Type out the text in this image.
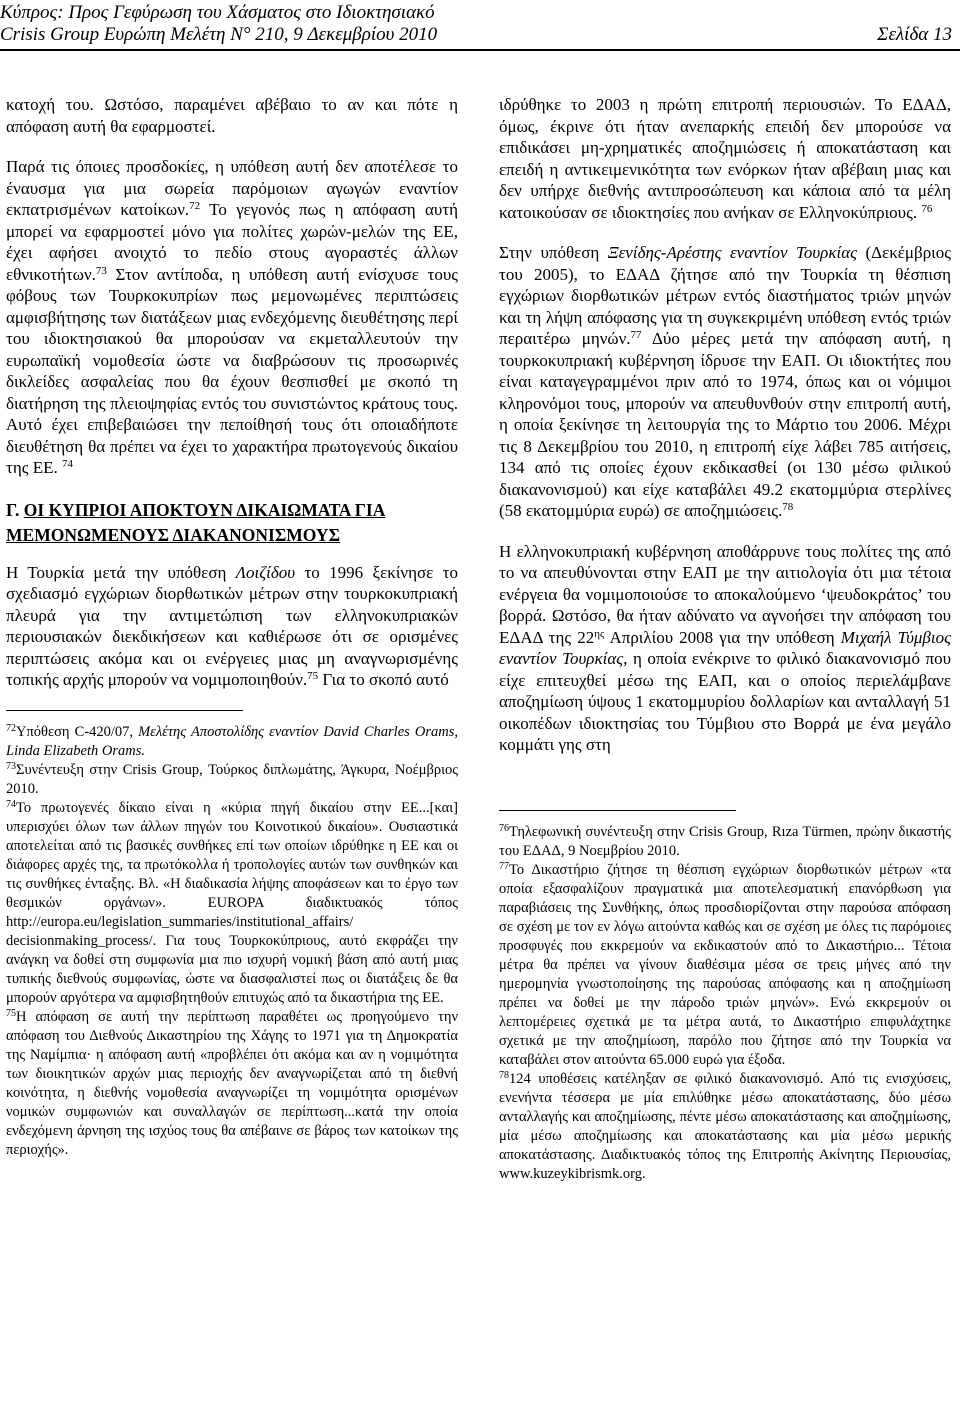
Κύπρος: Προς Γεφύρωση του Χάσματος στο Ιδιοκτησιακό
Crisis Group Ευρώπη Μελέτη N° 210, 9 Δεκεμβρίου 2010	Σελίδα 13

κατοχή του. Ωστόσο, παραμένει αβέβαιο το αν και πότε η απόφαση αυτή θα εφαρμοστεί.

Παρά τις όποιες προσδοκίες, η υπόθεση αυτή δεν αποτέλεσε το έναυσμα για μια σωρεία παρόμοιων αγωγών εναντίον εκπατρισμένων κατοίκων.$^{72}$ Το γεγονός πως η απόφαση αυτή μπορεί να εφαρμοστεί μόνο για πολίτες χωρών-μελών της ΕΕ, έχει αφήσει ανοιχτό το πεδίο στους αγοραστές άλλων εθνικοτήτων.$^{73}$ Στον αντίποδα, η υπόθεση αυτή ενίσχυσε τους φόβους των Τουρκοκυπρίων πως μεμονωμένες περιπτώσεις αμφισβήτησης των διατάξεων μιας ενδεχόμενης διευθέτησης περί του ιδιοκτησιακού θα μπορούσαν να εκμεταλλευτούν την ευρωπαϊκή νομοθεσία ώστε να διαβρώσουν τις προσωρινές δικλείδες ασφαλείας που θα έχουν θεσπισθεί με σκοπό τη διατήρηση της πλειοψηφίας εντός του συνιστώντος κράτους τους. Αυτό έχει επιβεβαιώσει την πεποίθησή τους ότι οποιαδήποτε διευθέτηση θα πρέπει να έχει το χαρακτήρα πρωτογενούς δικαίου της ΕΕ. $^{74}$

Γ. ΟΙ ΚΥΠΡΙΟΙ ΑΠΟΚΤΟΥΝ ΔΙΚΑΙΩΜΑΤΑ ΓΙΑ ΜΕΜΟΝΩΜΕΝΟΥΣ ΔΙΑΚΑΝΟΝΙΣΜΟΥΣ

Η Τουρκία μετά την υπόθεση Λοιζίδου το 1996 ξεκίνησε το σχεδιασμό εγχώριων διορθωτικών μέτρων στην τουρκοκυπριακή πλευρά για την αντιμετώπιση των ελληνοκυπριακών περιουσιακών διεκδικήσεων και καθιέρωσε ότι σε ορισμένες περιπτώσεις ακόμα και οι ενέργειες μιας μη αναγνωρισμένης τοπικής αρχής μπορούν να νομιμοποιηθούν.$^{75}$ Για το σκοπό αυτό

$^{72}$Υπόθεση C-420/07, Μελέτης Αποστολίδης εναντίον David Charles Orams, Linda Elizabeth Orams.

$^{73}$Συνέντευξη στην Crisis Group, Τούρκος διπλωμάτης, Άγκυρα, Νοέμβριος 2010.

$^{74}$Το πρωτογενές δίκαιο είναι η «κύρια πηγή δικαίου στην ΕΕ...[και] υπερισχύει όλων των άλλων πηγών του Κοινοτικού δικαίου». Ουσιαστικά αποτελείται από τις βασικές συνθήκες επί των οποίων ιδρύθηκε η ΕΕ και οι διάφορες αρχές της, τα πρωτόκολλα ή τροπολογίες αυτών των συνθηκών και τις συνθήκες ένταξης. Βλ. «Η διαδικασία λήψης αποφάσεων και το έργο των θεσμικών οργάνων». EUROPA διαδικτυακός τόπος http://europa.eu/legislation_summaries/institutional_affairs/ decisionmaking_process/. Για τους Τουρκοκύπριους, αυτό εκφράζει την ανάγκη να δοθεί στη συμφωνία μια πιο ισχυρή νομική βάση από αυτή μιας τυπικής διεθνούς συμφωνίας, ώστε να διασφαλιστεί πως οι διατάξεις δε θα μπορούν αργότερα να αμφισβητηθούν επιτυχώς από τα δικαστήρια της ΕΕ.

$^{75}$Η απόφαση σε αυτή την περίπτωση παραθέτει ως προηγούμενο την απόφαση του Διεθνούς Δικαστηρίου της Χάγης το 1971 για τη Δημοκρατία της Ναμίμπια· η απόφαση αυτή «προβλέπει ότι ακόμα και αν η νομιμότητα των διοικητικών αρχών μιας περιοχής δεν αναγνωρίζεται από τη διεθνή κοινότητα, η διεθνής νομοθεσία αναγνωρίζει τη νομιμότητα ορισμένων νομικών συμφωνιών και συναλλαγών σε περίπτωση...κατά την οποία ενδεχόμενη άρνηση της ισχύος τους θα απέβαινε σε βάρος των κατοίκων της περιοχής».

ιδρύθηκε το 2003 η πρώτη επιτροπή περιουσιών. Το ΕΔΑΔ, όμως, έκρινε ότι ήταν ανεπαρκής επειδή δεν μπορούσε να επιδικάσει μη-χρηματικές αποζημιώσεις ή αποκατάσταση και επειδή η αντικειμενικότητα των ενόρκων ήταν αβέβαιη μιας και δεν υπήρχε διεθνής αντιπροσώπευση και κάποια από τα μέλη κατοικούσαν σε ιδιοκτησίες που ανήκαν σε Ελληνοκύπριους. $^{76}$

Στην υπόθεση Ξενίδης-Αρέστης εναντίον Τουρκίας (Δεκέμβριος του 2005), το ΕΔΑΔ ζήτησε από την Τουρκία τη θέσπιση εγχώριων διορθωτικών μέτρων εντός διαστήματος τριών μηνών και τη λήψη απόφασης για τη συγκεκριμένη υπόθεση εντός τριών περαιτέρω μηνών.$^{77}$ Δύο μέρες μετά την απόφαση αυτή, η τουρκοκυπριακή κυβέρνηση ίδρυσε την ΕΑΠ. Οι ιδιοκτήτες που είναι καταγεγραμμένοι πριν από το 1974, όπως και οι νόμιμοι κληρονόμοι τους, μπορούν να απευθυνθούν στην επιτροπή αυτή, η οποία ξεκίνησε τη λειτουργία της το Μάρτιο του 2006. Μέχρι τις 8 Δεκεμβρίου του 2010, η επιτροπή είχε λάβει 785 αιτήσεις, 134 από τις οποίες έχουν εκδικασθεί (οι 130 μέσω φιλικού διακανονισμού) και είχε καταβάλει 49.2 εκατομμύρια στερλίνες (58 εκατομμύρια ευρώ) σε αποζημιώσεις.$^{78}$

Η ελληνοκυπριακή κυβέρνηση αποθάρρυνε τους πολίτες της από το να απευθύνονται στην ΕΑΠ με την αιτιολογία ότι μια τέτοια ενέργεια θα νομιμοποιούσε το αποκαλούμενο ‘ψευδοκράτος’ του βορρά. Ωστόσο, θα ήταν αδύνατο να αγνοήσει την απόφαση του ΕΔΑΔ της $22^{\eta\varsigma}$ Απριλίου 2008 για την υπόθεση Μιχαήλ Τύμβιος εναντίον Τουρκίας, η οποία ενέκρινε το φιλικό διακανονισμό που είχε επιτευχθεί μέσω της ΕΑΠ, και ο οποίος περιελάμβανε αποζημίωση ύψους 1 εκατομμυρίου δολλαρίων και ανταλλαγή 51 οικοπέδων ιδιοκτησίας του Τύμβιου στο Βορρά με ένα μεγάλο κομμάτι γης στη

$^{76}$Τηλεφωνική συνέντευξη στην Crisis Group, Rıza Türmen, πρώην δικαστής του ΕΔΑΔ, 9 Νοεμβρίου 2010.

$^{77}$Το Δικαστήριο ζήτησε τη θέσπιση εγχώριων διορθωτικών μέτρων «τα οποία εξασφαλίζουν πραγματικά μια αποτελεσματική επανόρθωση για παραβιάσεις της Συνθήκης, όπως προσδιορίζονται στην παρούσα απόφαση σε σχέση με τον εν λόγω αιτούντα καθώς και σε σχέση με όλες τις παρόμοιες προσφυγές που εκκρεμούν να εκδικαστούν από το Δικαστήριο... Τέτοια μέτρα θα πρέπει να γίνουν διαθέσιμα μέσα σε τρεις μήνες από την ημερομηνία γνωστοποίησης της παρούσας απόφασης και η αποζημίωση πρέπει να δοθεί με την πάροδο τριών μηνών». Ενώ εκκρεμούν οι λεπτομέρειες σχετικά με τα μέτρα αυτά, το Δικαστήριο επιφυλάχτηκε σχετικά με την αποζημίωση, παρόλο που ζήτησε από την Τουρκία να καταβάλει στον αιτούντα 65.000 ευρώ για έξοδα.

$^{78}$124 υποθέσεις κατέληξαν σε φιλικό διακανονισμό. Από τις ενισχύσεις, ενενήντα τέσσερα με μία επιλύθηκε μέσω αποκατάστασης, δύο μέσω ανταλλαγής και αποζημίωσης, πέντε μέσω αποκατάστασης και αποζημίωσης, μία μέσω αποζημίωσης και αποκατάστασης και μία μέσω μερικής αποκατάστασης. Διαδικτυακός τόπος της Επιτροπής Ακίνητης Περιουσίας, www.kuzeykibrismk.org.
